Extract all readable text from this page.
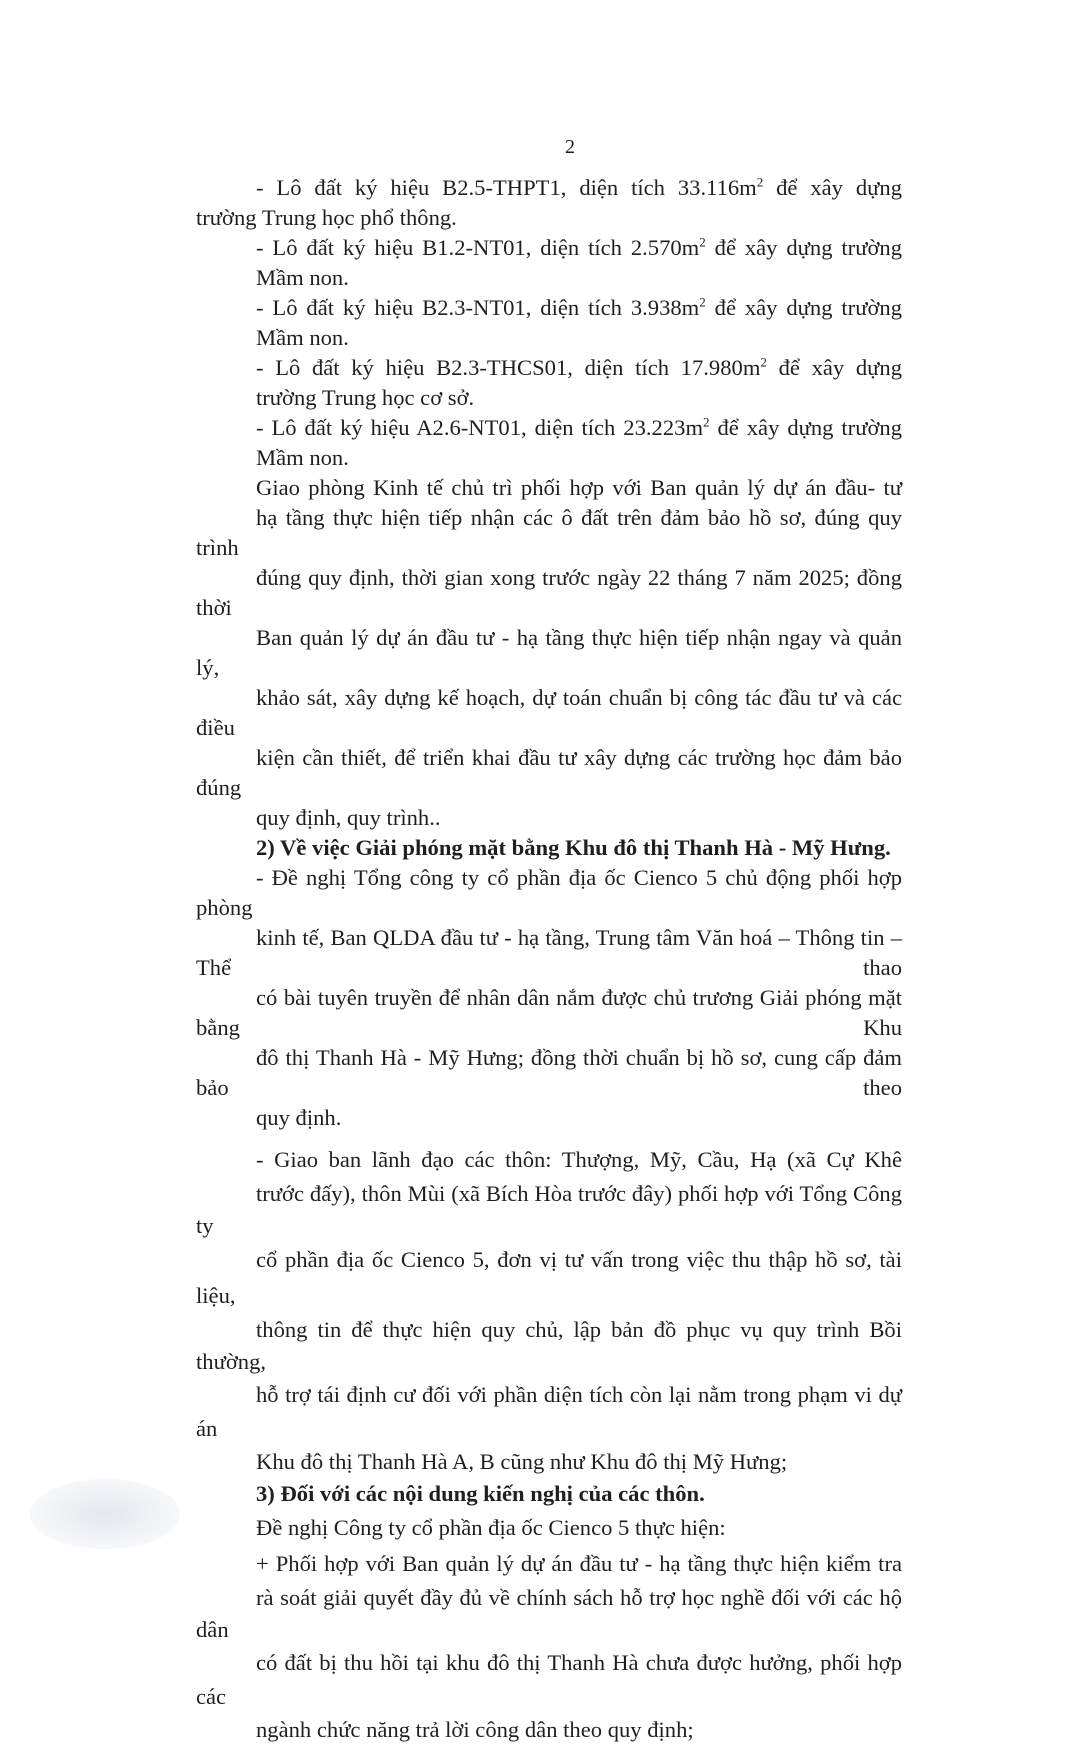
2

- Lô đất ký hiệu B2.5-THPT1, diện tích $33.116m^2$ để xây dựng
trường Trung học phổ thông.

- Lô đất ký hiệu B1.2-NT01, diện tích $2.570m^2$ để xây dựng trường
Mầm non.

- Lô đất ký hiệu B2.3-NT01, diện tích $3.938m^2$ để xây dựng trường
Mầm non.

- Lô đất ký hiệu B2.3-THCS01, diện tích $17.980m^2$ để xây dựng
trường Trung học cơ sở.

- Lô đất ký hiệu A2.6-NT01, diện tích $23.223m^2$ để xây dựng trường
Mầm non.

Giao phòng Kinh tế chủ trì phối hợp với Ban quản lý dự án đầu- tư
hạ tầng thực hiện tiếp nhận các ô đất trên đảm bảo hồ sơ, đúng quy trình
đúng quy định, thời gian xong trước ngày 22 tháng 7 năm 2025; đồng thời
Ban quản lý dự án đầu tư - hạ tầng thực hiện tiếp nhận ngay và quản lý,
khảo sát, xây dựng kế hoạch, dự toán chuẩn bị công tác đầu tư và các điều
kiện cần thiết, để triển khai đầu tư xây dựng các trường học đảm bảo đúng
quy định, quy trình..

2) Về việc Giải phóng mặt bằng Khu đô thị Thanh Hà - Mỹ Hưng.

- Đề nghị Tổng công ty cổ phần địa ốc Cienco 5 chủ động phối hợp phòng
kinh tế, Ban QLDA đầu tư - hạ tầng, Trung tâm Văn hoá – Thông tin – Thể thao
có bài tuyên truyền để nhân dân nắm được chủ trương Giải phóng mặt bằng Khu
đô thị Thanh Hà - Mỹ Hưng; đồng thời chuẩn bị hồ sơ, cung cấp đảm bảo theo
quy định.

- Giao ban lãnh đạo các thôn: Thượng, Mỹ, Cầu, Hạ (xã Cự Khê
trước đấy), thôn Mùi (xã Bích Hòa trước đây) phối hợp với Tổng Công ty
cổ phần địa ốc Cienco 5, đơn vị tư vấn trong việc thu thập hồ sơ, tài liệu,
thông tin để thực hiện quy chủ, lập bản đồ phục vụ quy trình Bồi thường,
hỗ trợ tái định cư đối với phần diện tích còn lại nằm trong phạm vi dự án
Khu đô thị Thanh Hà A, B cũng như Khu đô thị Mỹ Hưng;

3) Đối với các nội dung kiến nghị của các thôn.

Đề nghị Công ty cổ phần địa ốc Cienco 5 thực hiện:

+ Phối hợp với Ban quản lý dự án đầu tư - hạ tầng thực hiện kiểm tra
rà soát giải quyết đầy đủ về chính sách hỗ trợ học nghề đối với các hộ dân
có đất bị thu hồi tại khu đô thị Thanh Hà chưa được hưởng, phối hợp các
ngành chức năng trả lời công dân theo quy định;
